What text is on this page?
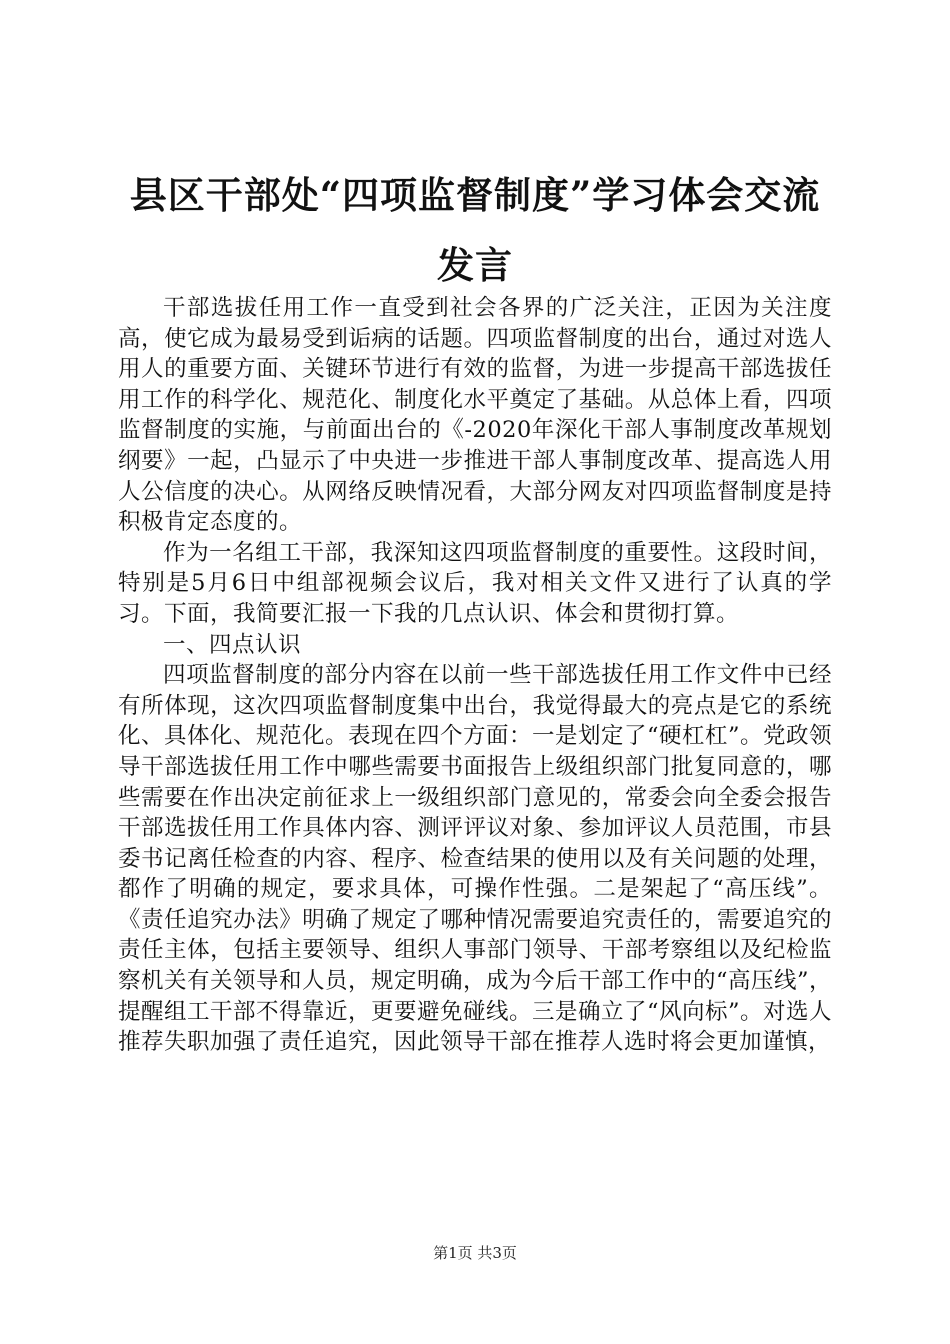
县区干部处“四项监督制度”学习体会交流发言

干部选拔任用工作一直受到社会各界的广泛关注，正因为关注度高，使它成为最易受到诟病的话题。四项监督制度的出台，通过对选人用人的重要方面、关键环节进行有效的监督，为进一步提高干部选拔任用工作的科学化、规范化、制度化水平奠定了基础。从总体上看，四项监督制度的实施，与前面出台的《-2020年深化干部人事制度改革规划纲要》一起，凸显示了中央进一步推进干部人事制度改革、提高选人用人公信度的决心。从网络反映情况看，大部分网友对四项监督制度是持积极肯定态度的。

作为一名组工干部，我深知这四项监督制度的重要性。这段时间，特别是5月6日中组部视频会议后，我对相关文件又进行了认真的学习。下面，我简要汇报一下我的几点认识、体会和贯彻打算。

一、四点认识

四项监督制度的部分内容在以前一些干部选拔任用工作文件中已经有所体现，这次四项监督制度集中出台，我觉得最大的亮点是它的系统化、具体化、规范化。表现在四个方面：一是划定了“硬杠杠”。党政领导干部选拔任用工作中哪些需要书面报告上级组织部门批复同意的，哪些需要在作出决定前征求上一级组织部门意见的，常委会向全委会报告干部选拔任用工作具体内容、测评评议对象、参加评议人员范围，市县委书记离任检查的内容、程序、检查结果的使用以及有关问题的处理，都作了明确的规定，要求具体，可操作性强。二是架起了“高压线”。《责任追究办法》明确了规定了哪种情况需要追究责任的，需要追究的责任主体，包括主要领导、组织人事部门领导、干部考察组以及纪检监察机关有关领导和人员，规定明确，成为今后干部工作中的“高压线”，提醒组工干部不得靠近，更要避免碰线。三是确立了“风向标”。对选人推荐失职加强了责任追究，因此领导干部在推荐人选时将会更加谨慎，

第1页 共3页
